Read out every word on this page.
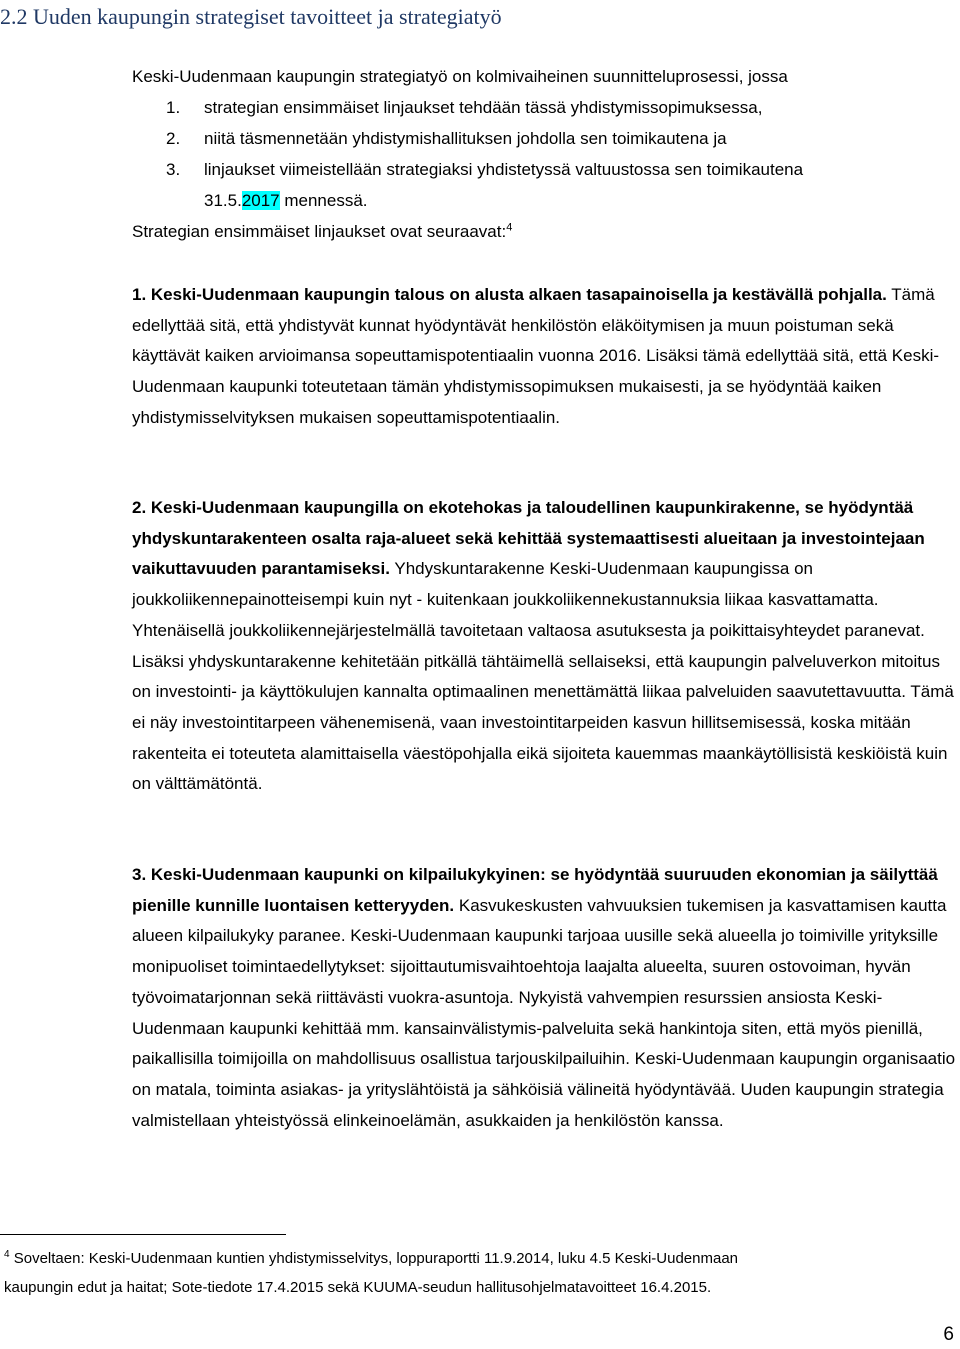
2.2 Uuden kaupungin strategiset tavoitteet ja strategiatyö
Keski-Uudenmaan kaupungin strategiatyö on kolmivaiheinen suunnitteluprosessi, jossa
1. strategian ensimmäiset linjaukset tehdään tässä yhdistymissopimuksessa,
2. niitä täsmennetään yhdistymishallituksen johdolla sen toimikautena ja
3. linjaukset viimeistellään strategiaksi yhdistetyssä valtuustossa sen toimikautena
31.5.2017 mennessä.
Strategian ensimmäiset linjaukset ovat seuraavat:$^4$
1. Keski-Uudenmaan kaupungin talous on alusta alkaen tasapainoisella ja kestävällä pohjalla. Tämä edellyttää sitä, että yhdistyvät kunnat hyödyntävät henkilöstön eläköitymisen ja muun poistuman sekä käyttävät kaiken arvioimansa sopeuttamispotentiaalin vuonna 2016. Lisäksi tämä edellyttää sitä, että Keski-Uudenmaan kaupunki toteutetaan tämän yhdistymissopimuksen mukaisesti, ja se hyödyntää kaiken yhdistymisselvityksen mukaisen sopeuttamispotentiaalin.
2. Keski-Uudenmaan kaupungilla on ekotehokas ja taloudellinen kaupunkirakenne, se hyödyntää yhdyskuntarakenteen osalta raja-alueet sekä kehittää systemaattisesti alueitaan ja investointejaan vaikuttavuuden parantamiseksi. Yhdyskuntarakenne Keski-Uudenmaan kaupungissa on joukkoliikennepainotteisempi kuin nyt - kuitenkaan joukkoliikennekustannuksia liikaa kasvattamatta. Yhtenäisellä joukkoliikennejärjestelmällä tavoitetaan valtaosa asutuksesta ja poikittaisyhteydet paranevat. Lisäksi yhdyskuntarakenne kehitetään pitkällä tähtäimellä sellaiseksi, että kaupungin palveluverkon mitoitus on investointi- ja käyttökulujen kannalta optimaalinen menettämättä liikaa palveluiden saavutettavuutta. Tämä ei näy investointitarpeen vähenemisenä, vaan investointitarpeiden kasvun hillitsemisessä, koska mitään rakenteita ei toteuteta alamittaisella väestöpohjalla eikä sijoiteta kauemmas maankäytöllisistä keskiöistä kuin on välttämätöntä.
3. Keski-Uudenmaan kaupunki on kilpailukykyinen: se hyödyntää suuruuden ekonomian ja säilyttää pienille kunnille luontaisen ketteryyden. Kasvukeskusten vahvuuksien tukemisen ja kasvattamisen kautta alueen kilpailukyky paranee. Keski-Uudenmaan kaupunki tarjoaa uusille sekä alueella jo toimiville yrityksille monipuoliset toimintaedellytykset: sijoittautumisvaihtoehtoja laajalta alueelta, suuren ostovoiman, hyvän työvoimatarjonnan sekä riittävästi vuokra-asuntoja. Nykyistä vahvempien resurssien ansiosta Keski-Uudenmaan kaupunki kehittää mm. kansainvälistymis-palveluita sekä hankintoja siten, että myös pienillä, paikallisilla toimijoilla on mahdollisuus osallistua tarjouskilpailuihin. Keski-Uudenmaan kaupungin organisaatio on matala, toiminta asiakas- ja yrityslähtöistä ja sähköisiä välineitä hyödyntävää. Uuden kaupungin strategia valmistellaan yhteistyössä elinkeinoelämän, asukkaiden ja henkilöstön kanssa.
$^4$ Soveltaen: Keski-Uudenmaan kuntien yhdistymisselvitys, loppuraportti 11.9.2014, luku 4.5 Keski-Uudenmaan
kaupungin edut ja haitat; Sote-tiedote 17.4.2015 sekä KUUMA-seudun hallitusohjelmatavoitteet 16.4.2015.
6
